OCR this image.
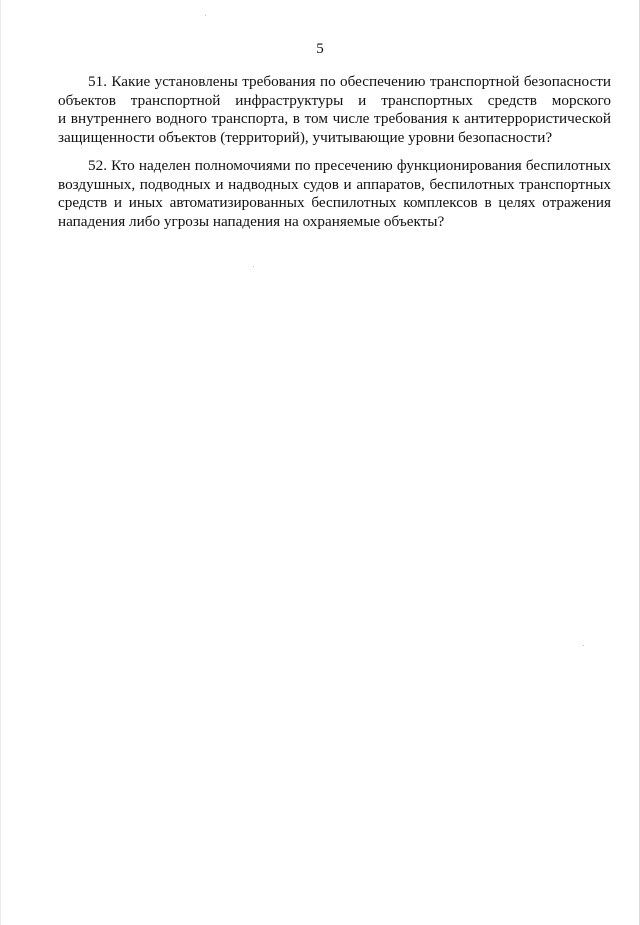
5
51. Какие установлены требования по обеспечению транспортной безопасности
объектов транспортной инфраструктуры и транспортных средств морского
и внутреннего водного транспорта, в том числе требования к антитеррористической
защищенности объектов (территорий), учитывающие уровни безопасности?
52. Кто наделен полномочиями по пресечению функционирования беспилотных
воздушных, подводных и надводных судов и аппаратов, беспилотных транспортных
средств и иных автоматизированных беспилотных комплексов в целях отражения
нападения либо угрозы нападения на охраняемые объекты?
